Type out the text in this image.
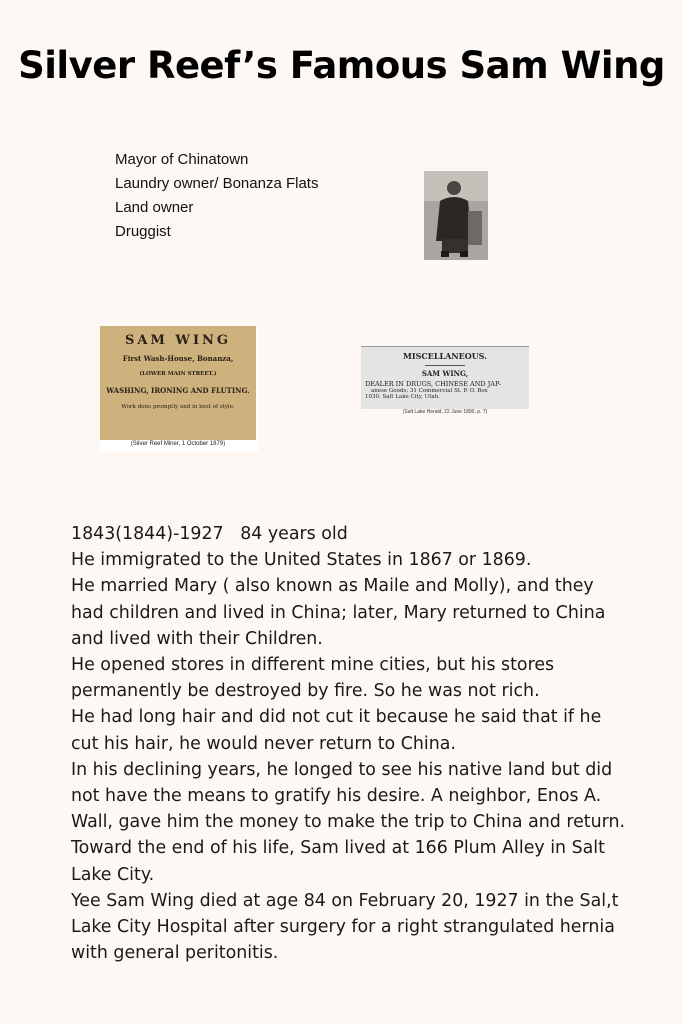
Silver Reef’s Famous Sam Wing
Mayor of Chinatown
Laundry owner/ Bonanza Flats
Land owner
Druggist
SAM WING
First Wash-House, Bonanza,
(LOWER MAIN STREET.)
WASHING, IRONING AND FLUTING.
Work done promptly and in best of style.
(Silver Reef Miner, 1 October 1879)
MISCELLANEOUS.
SAM WING,
DEALER IN DRUGS, CHINESE AND JAP-
anese Goods; 31 Commercial St. P. O. Box
1030. Salt Lake City, Utah.
(Salt Lake Herald, 22 June 1890, p. 7)
1843(1844)-1927   84 years old
He immigrated to the United States in 1867 or 1869.
He married Mary ( also known as Maile and Molly), and they had children and lived in China; later, Mary returned to China and lived with their Children.
He opened stores in different mine cities, but his stores permanently be destroyed by fire. So he was not rich.
He had long hair and did not cut it because he said that if he cut his hair, he would never return to China.
In his declining years, he longed to see his native land but did not have the means to gratify his desire. A neighbor, Enos A. Wall, gave him the money to make the trip to China and return.
Toward the end of his life, Sam lived at 166 Plum Alley in Salt Lake City.
Yee Sam Wing died at age 84 on February 20, 1927 in the Sal,t Lake City Hospital after surgery for a right strangulated hernia with general peritonitis.
